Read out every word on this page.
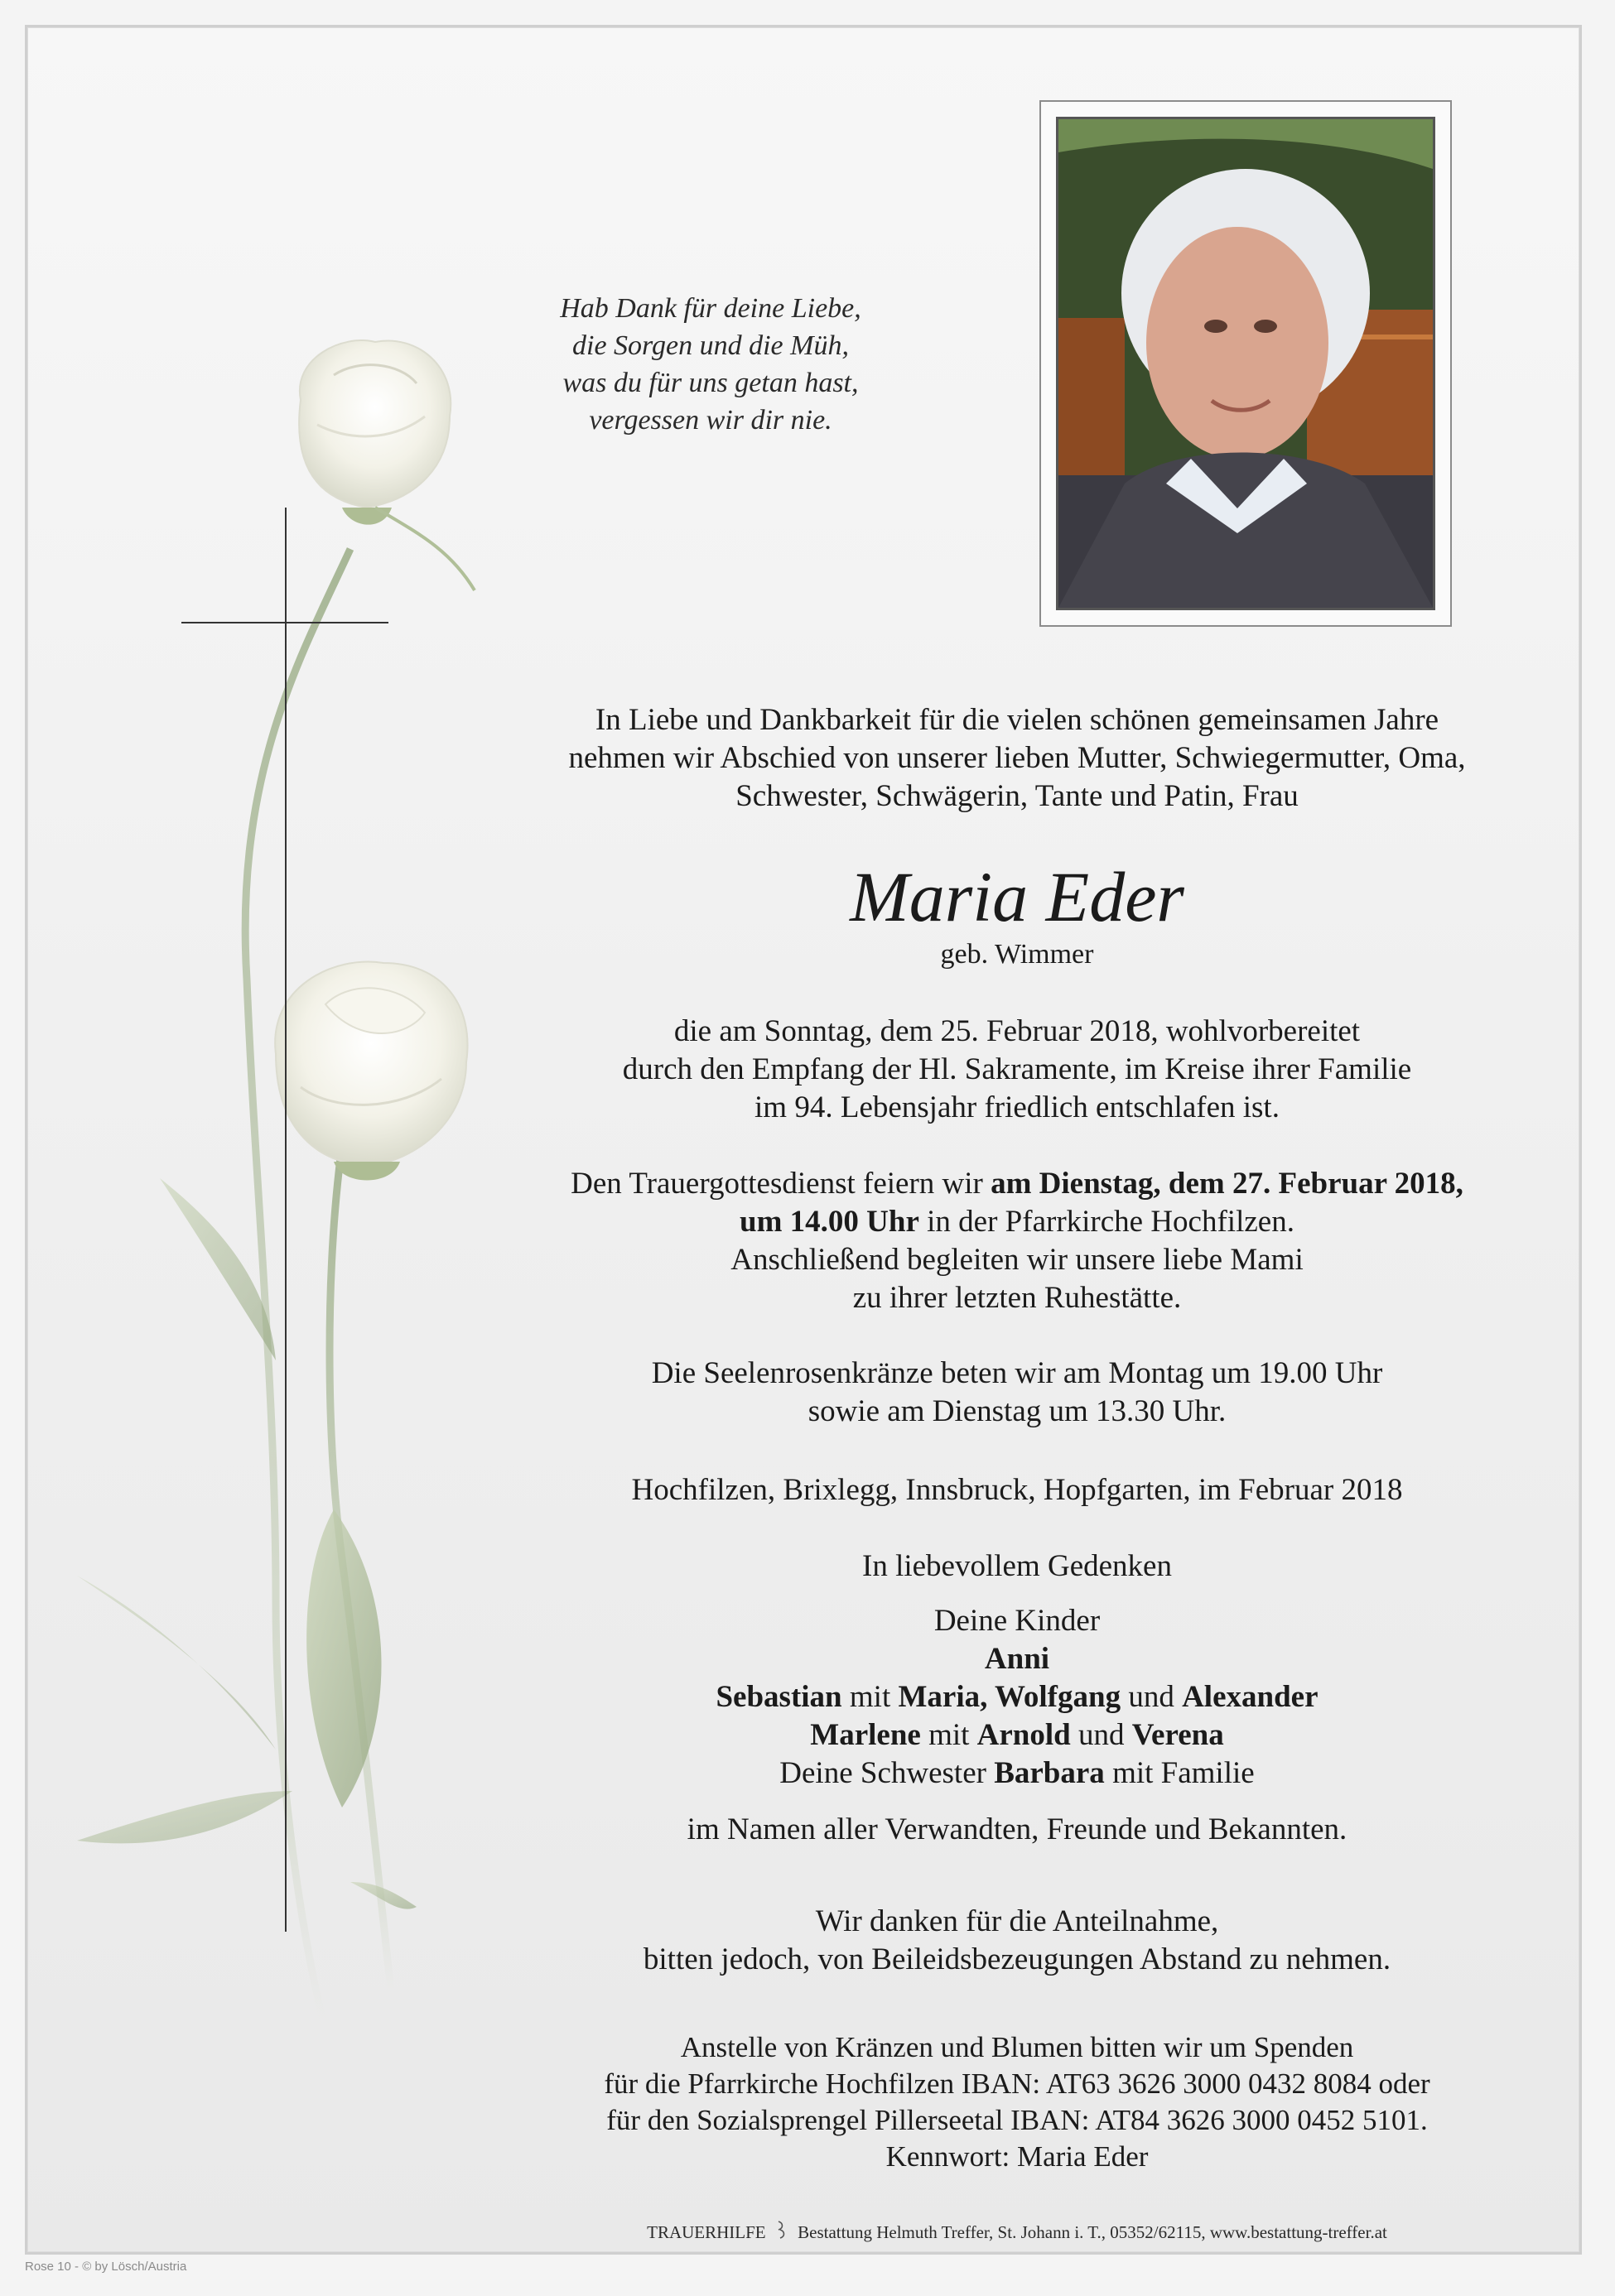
Hab Dank für deine Liebe,
die Sorgen und die Müh,
was du für uns getan hast,
vergessen wir dir nie.

In Liebe und Dankbarkeit für die vielen schönen gemeinsamen Jahre

nehmen wir Abschied von unserer lieben Mutter, Schwiegermutter, Oma,

Schwester, Schwägerin, Tante und Patin, Frau

Maria Eder
geb. Wimmer

die am Sonntag, dem 25. Februar 2018, wohlvorbereitet

durch den Empfang der Hl. Sakramente, im Kreise ihrer Familie

im 94. Lebensjahr friedlich entschlafen ist.

Den Trauergottesdienst feiern wir am Dienstag, dem 27. Februar 2018,

um 14.00 Uhr in der Pfarrkirche Hochfilzen.

Anschließend begleiten wir unsere liebe Mami

zu ihrer letzten Ruhestätte.

Die Seelenrosenkränze beten wir am Montag um 19.00 Uhr

sowie am Dienstag um 13.30 Uhr.

Hochfilzen, Brixlegg, Innsbruck, Hopfgarten, im Februar 2018
In liebevollem Gedenken

Deine Kinder

Anni

Sebastian mit Maria, Wolfgang und Alexander

Marlene mit Arnold und Verena

Deine Schwester Barbara mit Familie

im Namen aller Verwandten, Freunde und Bekannten.

Wir danken für die Anteilnahme,

bitten jedoch, von Beileidsbezeugungen Abstand zu nehmen.

Anstelle von Kränzen und Blumen bitten wir um Spenden

für die Pfarrkirche Hochfilzen IBAN: AT63 3626 3000 0432 8084 oder

für den Sozialsprengel Pillerseetal IBAN: AT84 3626 3000 0452 5101.

Kennwort: Maria Eder

TRAUERHILFE Bestattung Helmuth Treffer, St. Johann i. T., 05352/62115, www.bestattung-treffer.at
Rose 10 - © by Lösch/Austria
